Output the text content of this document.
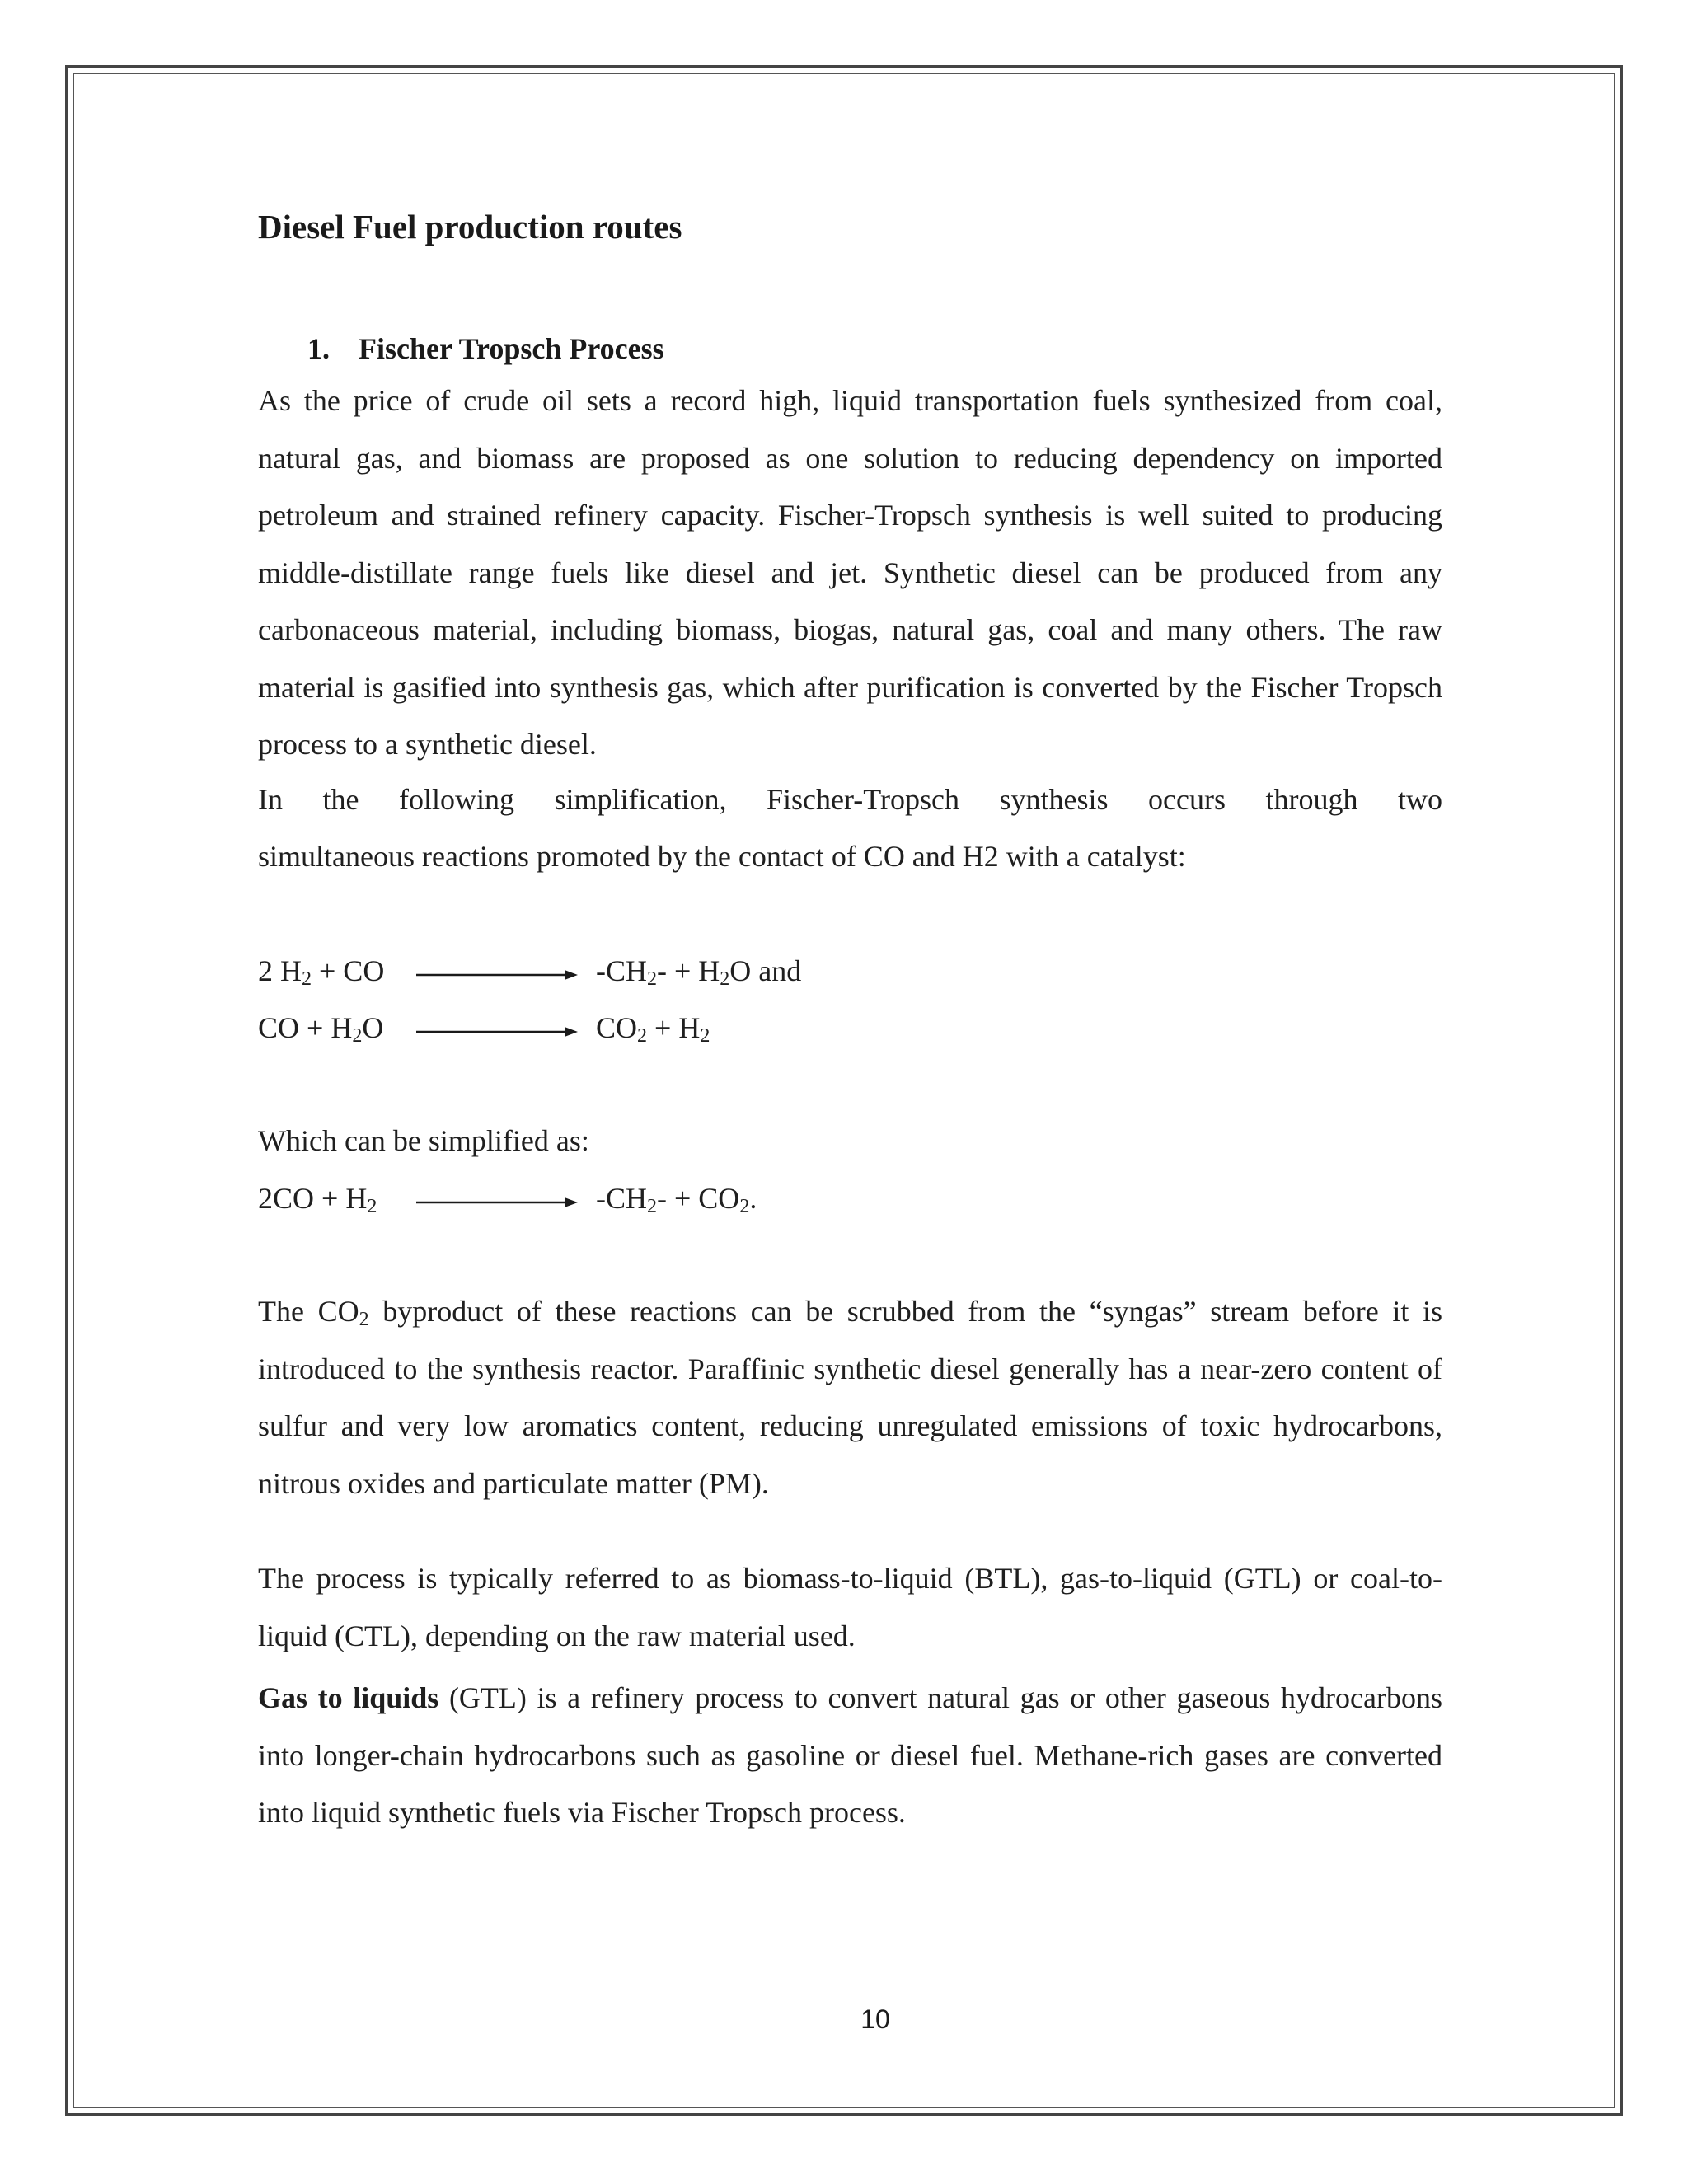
Diesel Fuel production routes
1. Fischer Tropsch Process

As the price of crude oil sets a record high, liquid transportation fuels synthesized from coal, natural gas, and biomass are proposed as one solution to reducing dependency on imported petroleum and strained refinery capacity. Fischer-Tropsch synthesis is well suited to producing middle-distillate range fuels like diesel and jet. Synthetic diesel can be produced from any carbonaceous material, including biomass, biogas, natural gas, coal and many others. The raw material is gasified into synthesis gas, which after purification is converted by the Fischer Tropsch process to a synthetic diesel.

In the following simplification, Fischer-Tropsch synthesis occurs through two

simultaneous reactions promoted by the contact of CO and H2 with a catalyst:

2 $H_2$ + CO	$-CH_2- + H_2O$ and
CO + $H_2O$	$CO_2 + H_2$

Which can be simplified as:

$2CO + H_2$	$-CH_2- + CO_2$.

The $CO_2$ byproduct of these reactions can be scrubbed from the “syngas” stream before it is introduced to the synthesis reactor. Paraffinic synthetic diesel generally has a near-zero content of sulfur and very low aromatics content, reducing unregulated emissions of toxic hydrocarbons, nitrous oxides and particulate matter (PM).

The process is typically referred to as biomass-to-liquid (BTL), gas-to-liquid (GTL) or coal-to-liquid (CTL), depending on the raw material used.

Gas to liquids (GTL) is a refinery process to convert natural gas or other gaseous hydrocarbons into longer-chain hydrocarbons such as gasoline or diesel fuel. Methane-rich gases are converted into liquid synthetic fuels via Fischer Tropsch process.

10
